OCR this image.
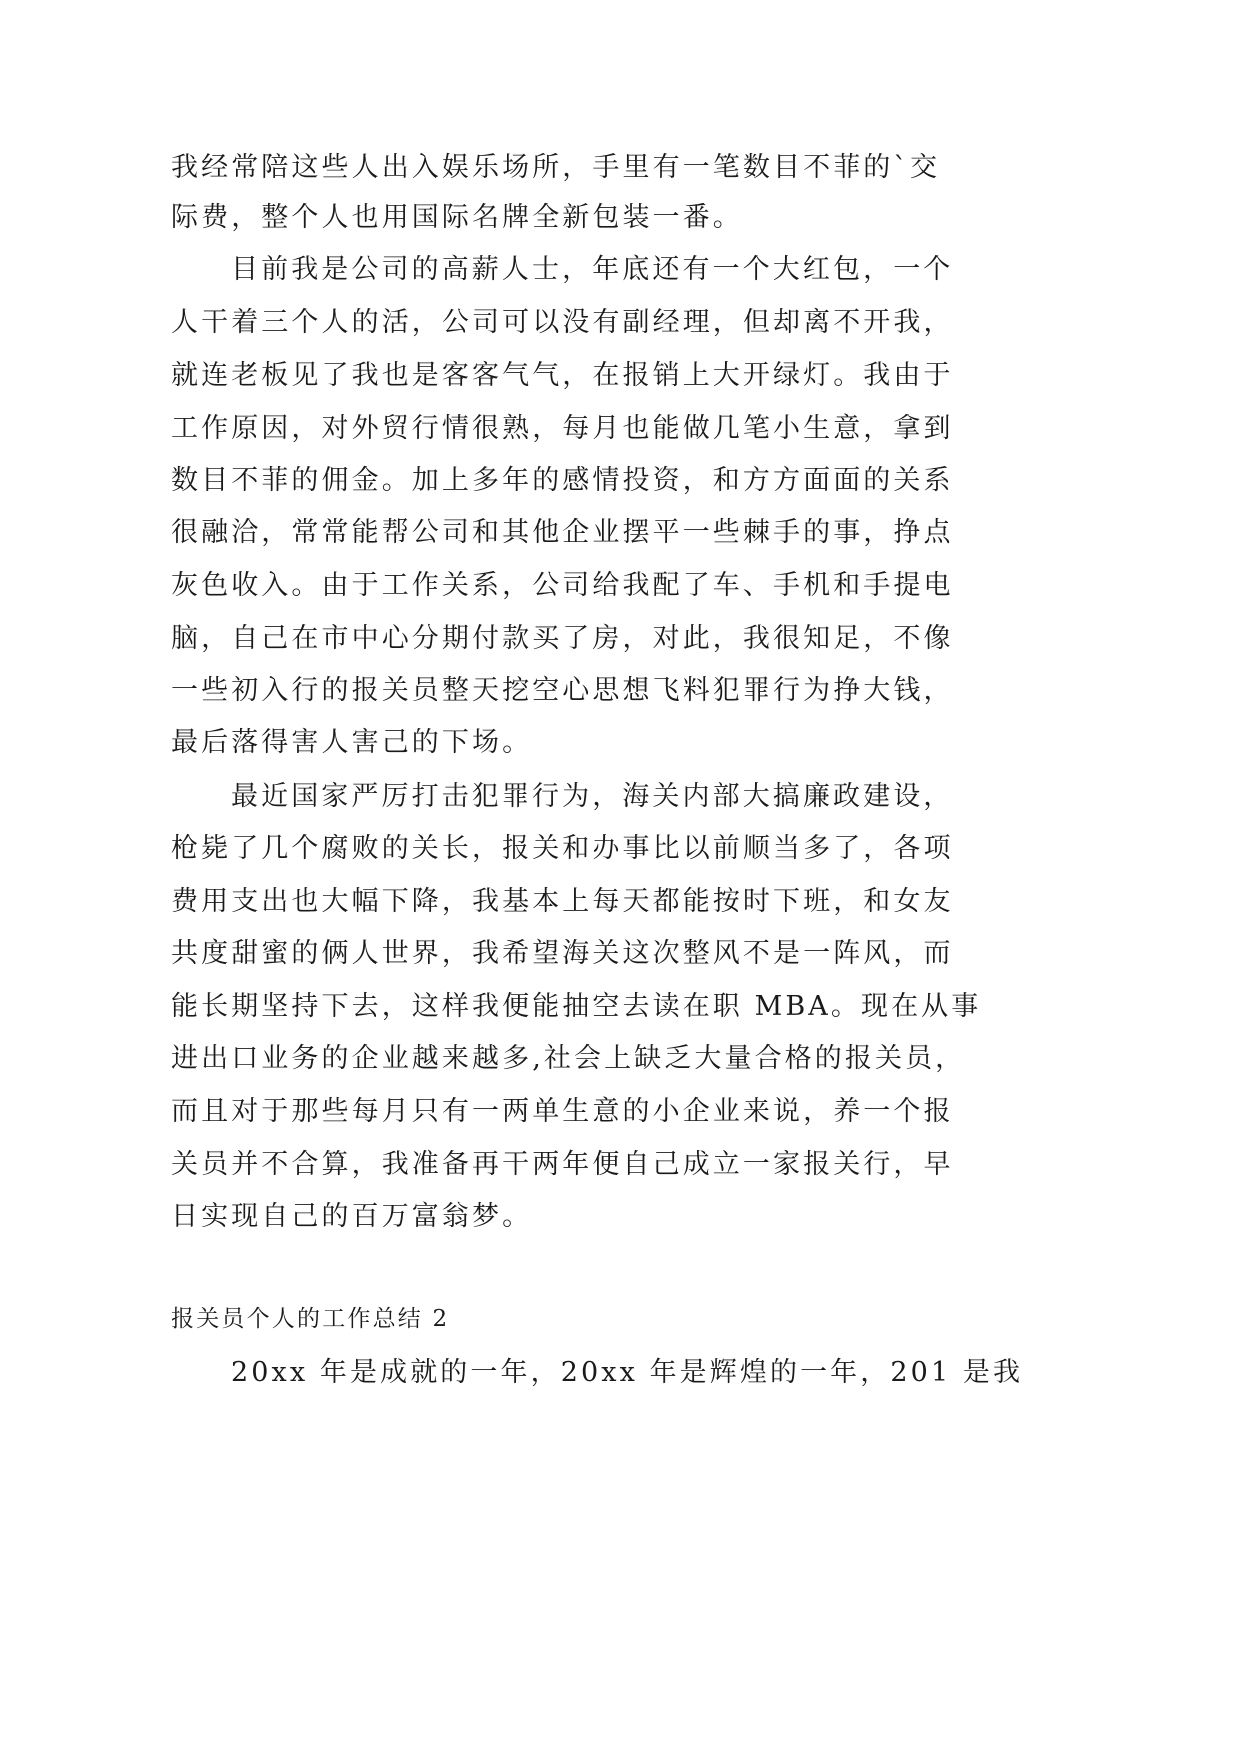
我经常陪这些人出入娱乐场所，手里有一笔数目不菲的`交

际费，整个人也用国际名牌全新包装一番。

目前我是公司的高薪人士，年底还有一个大红包，一个

人干着三个人的活，公司可以没有副经理，但却离不开我，

就连老板见了我也是客客气气，在报销上大开绿灯。我由于

工作原因，对外贸行情很熟，每月也能做几笔小生意，拿到

数目不菲的佣金。加上多年的感情投资，和方方面面的关系

很融洽，常常能帮公司和其他企业摆平一些棘手的事，挣点

灰色收入。由于工作关系，公司给我配了车、手机和手提电

脑，自己在市中心分期付款买了房，对此，我很知足，不像

一些初入行的报关员整天挖空心思想飞料犯罪行为挣大钱，

最后落得害人害己的下场。

最近国家严厉打击犯罪行为，海关内部大搞廉政建设，

枪毙了几个腐败的关长，报关和办事比以前顺当多了，各项

费用支出也大幅下降，我基本上每天都能按时下班，和女友

共度甜蜜的俩人世界，我希望海关这次整风不是一阵风，而

能长期坚持下去，这样我便能抽空去读在职 MBA。现在从事

进出口业务的企业越来越多,社会上缺乏大量合格的报关员，

而且对于那些每月只有一两单生意的小企业来说，养一个报

关员并不合算，我准备再干两年便自己成立一家报关行，早

日实现自己的百万富翁梦。

报关员个人的工作总结 2

20xx 年是成就的一年，20xx 年是辉煌的一年，201 是我
